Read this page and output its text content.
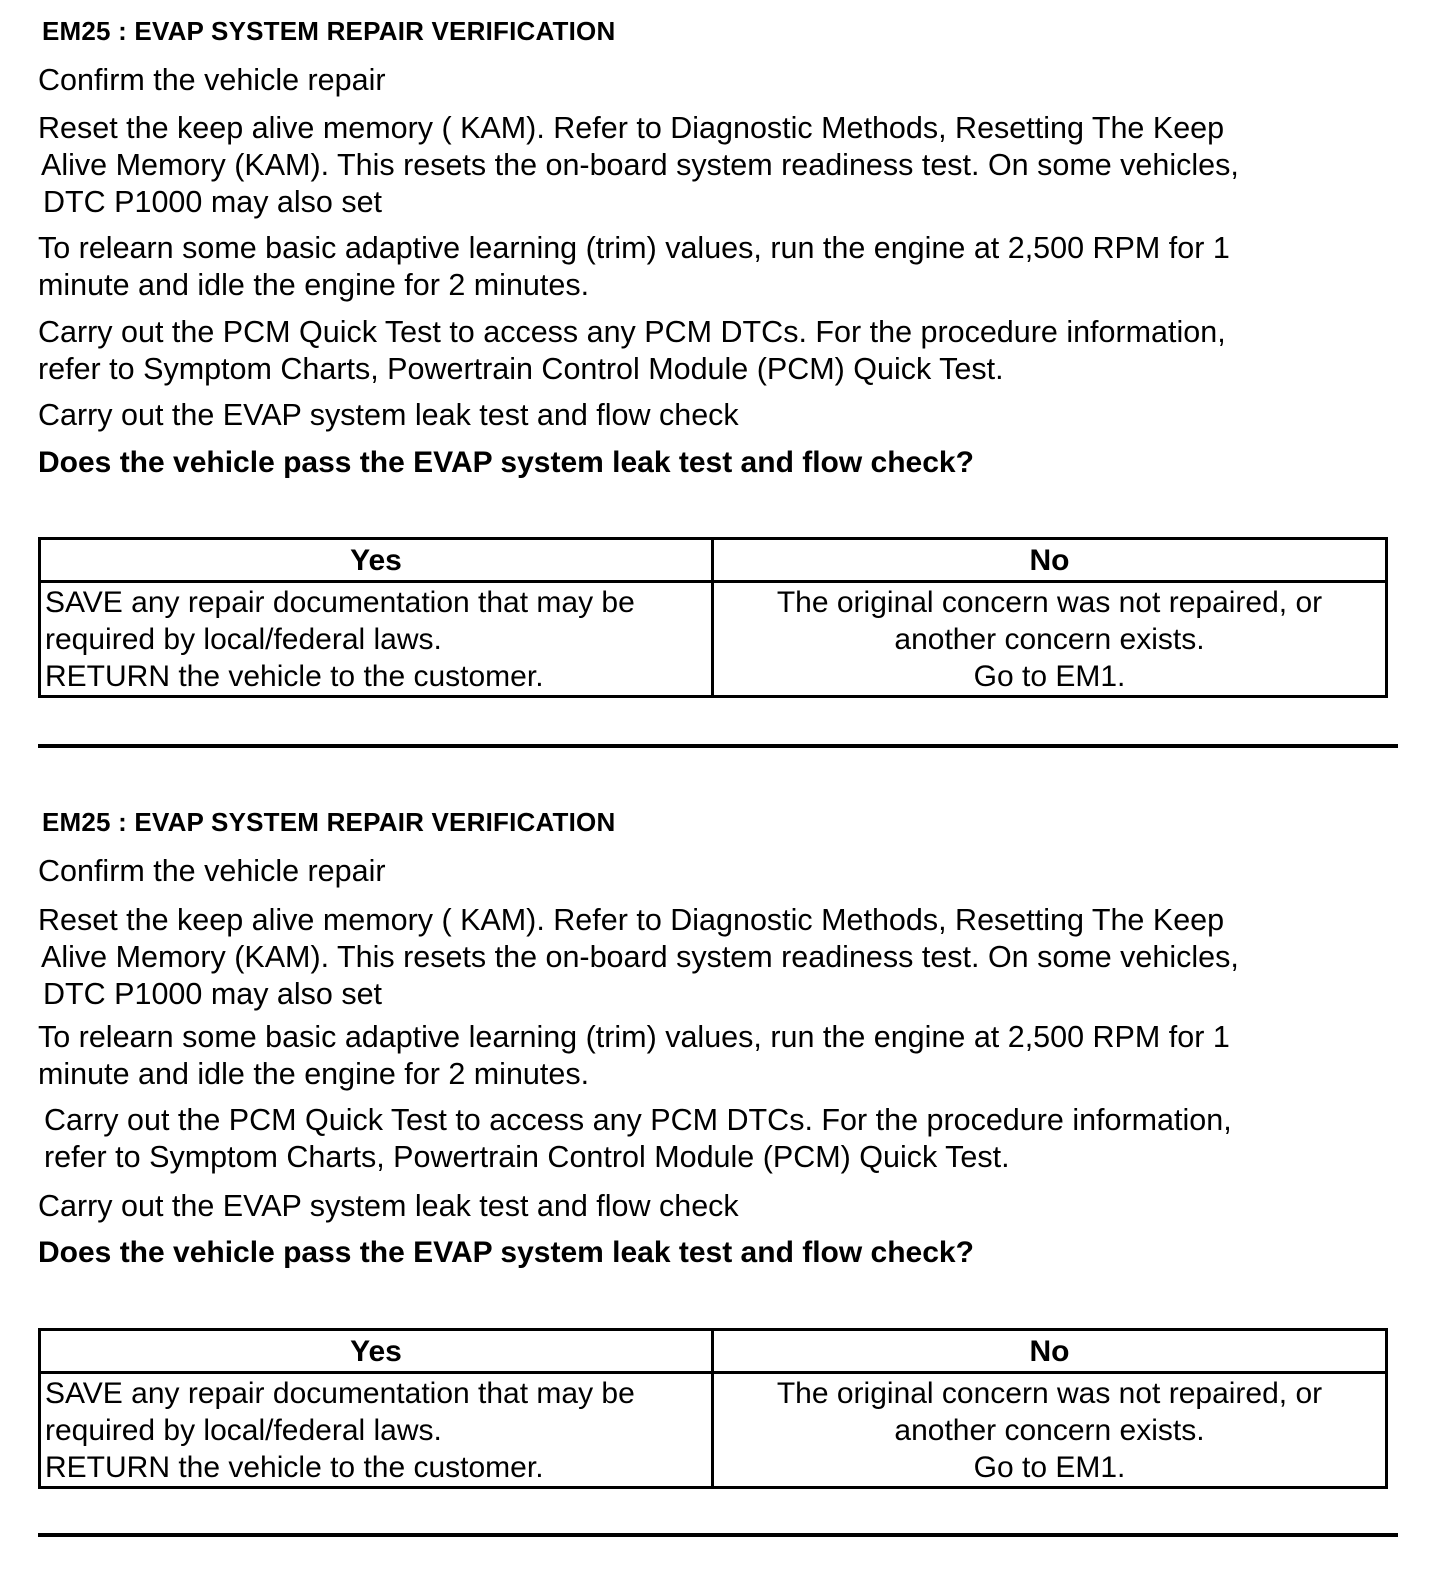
EM25 : EVAP SYSTEM REPAIR VERIFICATION
Confirm the vehicle repair
Reset the keep alive memory ( KAM). Refer to Diagnostic Methods, Resetting The Keep
Alive Memory (KAM). This resets the on-board system readiness test. On some vehicles,
DTC P1000 may also set
To relearn some basic adaptive learning (trim) values, run the engine at 2,500 RPM for 1
minute and idle the engine for 2 minutes.
Carry out the PCM Quick Test to access any PCM DTCs. For the procedure information,
refer to Symptom Charts, Powertrain Control Module (PCM) Quick Test.
Carry out the EVAP system leak test and flow check
Does the vehicle pass the EVAP system leak test and flow check?
Yes	No
SAVE any repair documentation that may be
required by local/federal laws.
RETURN the vehicle to the customer.
The original concern was not repaired, or
another concern exists.
Go to EM1.
EM25 : EVAP SYSTEM REPAIR VERIFICATION
Confirm the vehicle repair
Reset the keep alive memory ( KAM). Refer to Diagnostic Methods, Resetting The Keep
Alive Memory (KAM). This resets the on-board system readiness test. On some vehicles,
DTC P1000 may also set
To relearn some basic adaptive learning (trim) values, run the engine at 2,500 RPM for 1
minute and idle the engine for 2 minutes.
Carry out the PCM Quick Test to access any PCM DTCs. For the procedure information,
refer to Symptom Charts, Powertrain Control Module (PCM) Quick Test.
Carry out the EVAP system leak test and flow check
Does the vehicle pass the EVAP system leak test and flow check?
Yes	No
SAVE any repair documentation that may be
required by local/federal laws.
RETURN the vehicle to the customer.
The original concern was not repaired, or
another concern exists.
Go to EM1.
